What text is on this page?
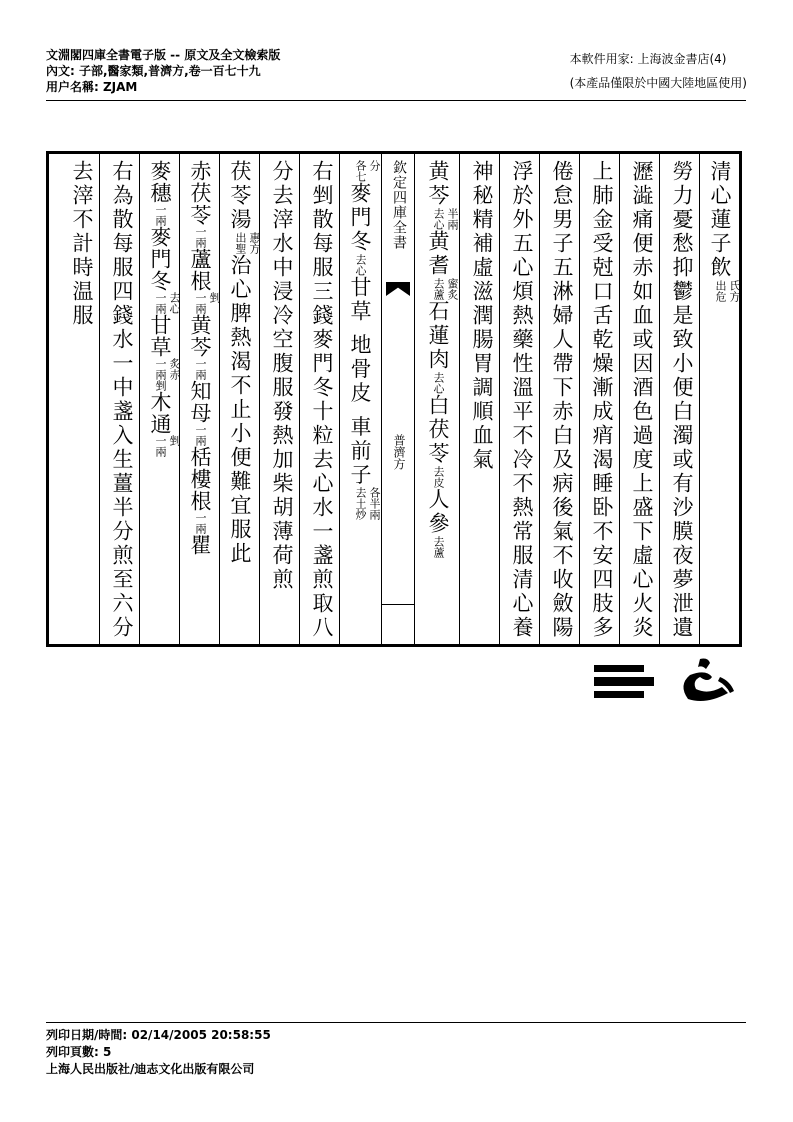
文淵閣四庫全書電子版 -- 原文及全文檢索版
內文: 子部,醫家類,普濟方,卷一百七十九
用户名稱: ZJAM
本軟件用家: 上海波金書店(4)
(本產品僅限於中國大陸地區使用)
清心蓮子飲氏方
出危
勞力憂愁抑鬱是致小便白濁或有沙膜夜夢泄遺
瀝澁痛便赤如血或因酒色過度上盛下虛心火炎
上肺金受尅口舌乾燥漸成痟渴睡卧不安四肢多
倦怠男子五淋婦人帶下赤白及病後氣不收斂陽
浮於外五心煩熱藥性溫平不冷不熱常服清心養
神秘精補虛滋潤腸胃調順血氣
黄芩半兩
去心黄耆蜜炙
去蘆石蓮肉去心白茯苓去皮人參去蘆
欽定四庫全書
普濟方
分
各七麥門冬去心甘草 地骨皮 車前子各半兩
去土炒
右剉散每服三錢麥門冬十粒去心水一盞煎取八
分去滓水中浸冷空腹服發熱加柴胡薄荷煎
茯苓湯惠方
出聖治心脾熱渴不止小便難宜服此
赤茯苓一兩蘆根剉
一兩黄芩一兩知母一兩栝樓根一兩瞿
麥穗一兩麥門冬去心
一兩甘草炙赤
一兩剉木通剉
一兩
右為散每服四錢水一中盞入生薑半分煎至六分
去滓不計時温服
列印日期/時間: 02/14/2005 20:58:55
列印頁數: 5
上海人民出版社/迪志文化出版有限公司
